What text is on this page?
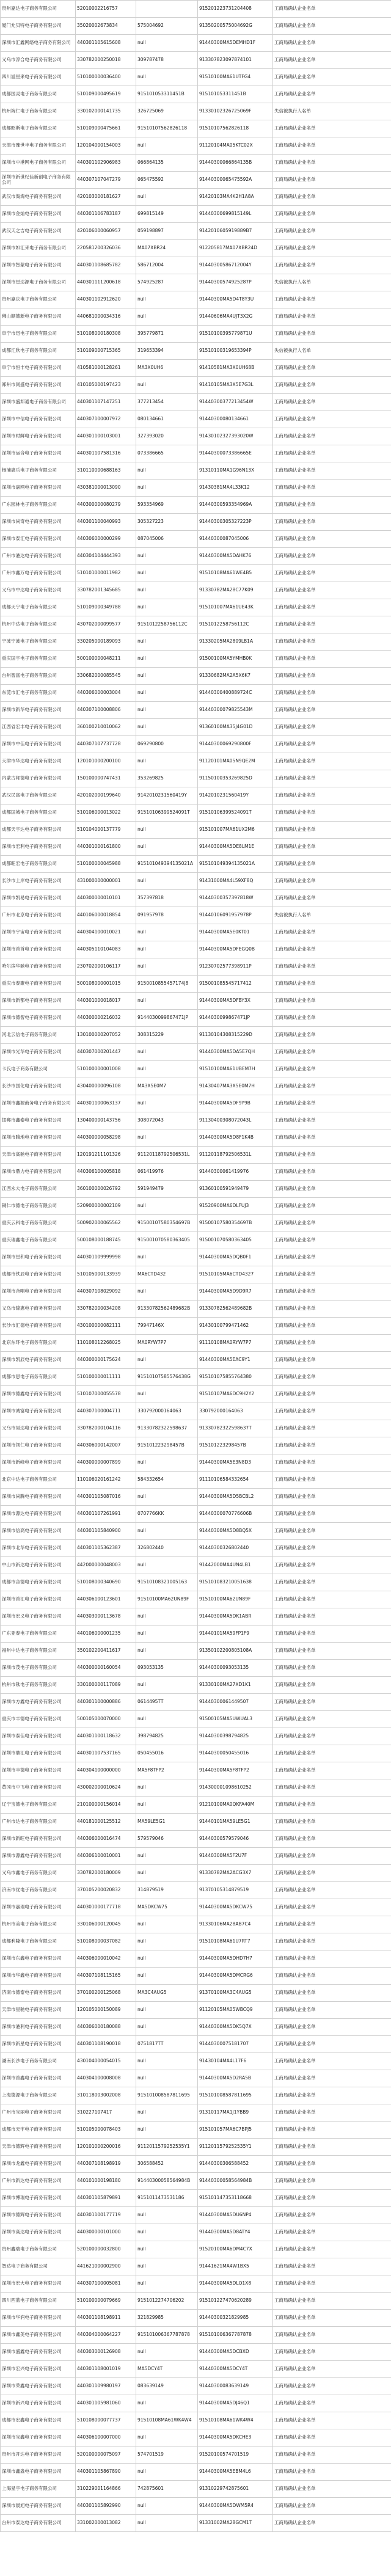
贵州嘉达电子商务有限公司	52010002216757		915201223731204408	工商局确认企业名单
厦门允贝特电子商务有限公司	35020002673834	575004692	91350200575004692G	工商局确认企业名单
深圳市汇鑫网络电子商务有限公司	440301105615608	null	91440300MA5DEMHD1F	工商局确认企业名单
义乌市淳合电子商务有限公司	330782000250018	309787478	913307823097874101	工商局确认企业名单
四川溢星来电子商务有限公司	510100000036400	null	91510100MA61UTFG4	工商局确认企业名单
成都国灵电子商务有限公司	510109000495619	915101053311451B	915101053311451B	工商局确认企业名单
杭州淘仁电子商务有限公司	330102000141735	326725069	91330102326725069F	失信被执行人名单
成都昭斯电子商务有限公司	510109000475661	91510107562826118	91510107562826118	工商局确认企业名单
天津市豫世丰电子商务有限公司	120104000154003	null	91120104MA05KTC02X	工商局确认企业名单
深圳市中港网电子商务有限公司	440301102906983	066864135	91440300066864135B	工商局确认企业名单
深圳市新世纪佳新创电子商务有限公司	440307107047279	065475592	91440300065475592A	工商局确认企业名单
武汉市淘淘电子商务有限公司	420103000181627	null	91420103MA4K2H1A8A	工商局确认企业名单
深圳市金灿电子商务有限公司	440301106783187	699815149	91440300699815149L	工商局确认企业名单
武汉天之吉电子商务有限公司	420106000060957	059198897	9142010605919889B7	工商局确认企业名单
深圳市如汇来电子商务有限公司	220581200326036	MA07XBR24	912205817MA07XBR24D	工商局确认企业名单
深圳市智蒙电子商务有限公司	440301108685782	586712004	91440300586712004Y	工商局确认企业名单
深圳市星达源电子商务有限公司	440301111200618	574925287	91440300574925287P	失信被执行人名单
贵州嘉庆电子商务有限公司	440301102912620	null	91440300MA5D4T8Y3U	工商局确认企业名单
佛山顺德新电子商务有限公司	440681000034316	null	91440606MA4UJT3X2G	工商局确认企业名单
阜宁市迅电子商务有限公司	510108000180308	395779871	91510100395779871U	工商局确认企业名单
成都汇欣电子商务有限公司	510109000715365	319653394	91510100319653394P	失信被执行人名单
阜宁市恒丰电子商务有限公司	410581000128261	MA3X0UH6	91410581MA3X0UH68B	工商局确认企业名单
郑州市同盛电子商务有限公司	410105000197423	null	91410105MA3X5E7G3L	工商局确认企业名单
深圳市盛邦通电子商务有限公司	440301107147251	377213454	91440300377213454W	工商局确认企业名单
深圳市中信电子商务有限公司	440307100007972	080134661	91440300080134661	工商局确认企业名单
深圳市时鲜电子商务有限公司	440301100103001	327393020	91430102327393020W	工商局确认企业名单
深圳市运合电子商务有限公司	440301107581316	073386665	91440300073386665E	工商局确认企业名单
杨浦惠乐电子商务有限公司	310110000688163	null	91310110MA1G96N13X	工商局确认企业名单
深圳市嘉网电子商务有限公司	430381000013090	null	91430381MA4L33K12	工商局确认企业名单
广东园林电子商务有限公司	440300000080279	593354969	91440300593354969A	工商局确认企业名单
深圳市尚奇电子商务有限公司	440301100040993	305327223	91440300305327223P	工商局确认企业名单
深圳市泰汇电子商务有限公司	440306000000299	087045006	91440300087045006	工商局确认企业名单
广州市港达电子商务有限公司	440304104444393	null	91440300MA5DAHK76	工商局确认企业名单
广州市鑫万电子商务有限公司	510101000011982	null	91510108MA61WE4B5	工商局确认企业名单
义乌市中达电子商务有限公司	330782001345685	null	91330782MA28C77K09	工商局确认企业名单
成都天宁电子商务有限公司	510109000349788	null	915101007MA61UE43K	工商局确认企业名单
杭州中达电子商务有限公司	430702000099577	9151012258756112C	9151012258756112C	工商局确认企业名单
宁波宁波电子商务有限公司	330205000189093	null	91330205MA2809LB1A	工商局确认企业名单
重庆国宇电子商务有限公司	500100000048211	null	91500100MA5YMHB0K	工商局确认企业名单
台州智富电子商务有限公司	330682000085545	null	91330682MA2A5X6K7	工商局确认企业名单
东莞市汇电子商务有限公司	440306000003004	null	91440300400889724C	工商局确认企业名单
深圳市新华电子商务有限公司	440307100008806	null	91440300079825543M	工商局确认企业名单
江西省宏丰电子商务有限公司	360100210010062	null	91360100MA35J4G01D	工商局确认企业名单
深圳市中佳电子商务有限公司	440307107737728	069290800	91440300069290800F	工商局确认企业名单
天津市华达电子商务有限公司	120101000200100	null	91120101MA05N9QE2M	工商局确认企业名单
内蒙古邦德电子商务有限公司	150100000747431	353269825	91150100353269825D	工商局确认企业名单
武汉民富电子商务有限公司	420102000199640	9142010231560419Y	9142010231560419Y	工商局确认企业名单
成都国城电子商务有限公司	510106000013022	91510106399524091T	91510106399524091T	工商局确认企业名单
成都天宇达电子商务有限公司	510104000137779	null	915101007MA61UX2M6	工商局确认企业名单
深圳市宏利电子商务有限公司	440301000161800	null	91440300MA5DE8LM1E	工商局确认企业名单
成都旺宏电子商务有限公司	510100000045988	915101049394135021A	915101049394135021A	工商局确认企业名单
长沙市上岸电子商务有限公司	431000000000001	null	91431000MA4L59XF8Q	工商局确认企业名单
深圳市凯易电子商务有限公司	440300000010101	357397818	91440300357397818W	工商局确认企业名单
广州市北京电子商务有限公司	440106000018854	091957978	91440106091957978P	失信被执行人名单
深圳市宇宙电子商务有限公司	440304100010021	null	91440300MA5E0KT01	工商局确认企业名单
深圳市首首电子商务有限公司	440305110104083	null	91440300MA5DFEGQ0B	工商局确认企业名单
哈尔滨华驰电子商务有限公司	230702000106117	null	91230702577398911P	工商局确认企业名单
重庆市泰聚电子商务有限公司	500108000001015	9150010855457174J8	915001085545717412	工商局确认企业名单
深圳市新都电子商务有限公司	440301000018017	null	91440300MA5DFBY3X	工商局确认企业名单
深圳市德智电子商务有限公司	440300000216032	9144030099867471JP	9144030099867471JP	工商局确认企业名单
河北云信电子商务有限公司	130100000207052	308315229	91130104308315229D	工商局确认企业名单
深圳市光华电子商务有限公司	440307000201447	null	91440300MA5DA5E7QH	工商局确认企业名单
卡氏电子商务有限公司	510100000001008	null	91510100MA61UBEM7H	工商局确认企业名单
长沙市国化电子商务有限公司	430400000096108	MA3X5E0M7	91430407MA3X5E0M7H	工商局确认企业名单
深圳市鑫源商务电子商务有限公司	440301100063137	null	91440300MA5DF9Y9B	工商局确认企业名单
邯郸市鑫泰电子商务有限公司	130400000143756	308072043	91130400308072043L	工商局确认企业名单
深圳市腾地电子商务有限公司	440300000058298	null	91440300MA5D8F1K4B	工商局确认企业名单
天津市高驰电子商务有限公司	120191211101326	91120118792506531L	91120118792506531L	工商局确认企业名单
深圳市鼎力电子商务有限公司	440306100005818	061419976	91440300061419976	工商局确认企业名单
江西永大电子商务有限公司	360100000026792	591949479	91360100591949479	工商局确认企业名单
铜仁市德电子商务有限公司	520900000002109	null	91520900MA6DLFUJ3	工商局确认企业名单
重庆云科电子商务有限公司	500902000065562	91500107580354697B	91500107580354697B	工商局确认企业名单
重庆瑞鑫电子商务有限公司	500108000188745	915001070580363405	915001070580363405	工商局确认企业名单
深圳市星和电子商务有限公司	440301109999998	null	91440300MA5DQB0F1	工商局确认企业名单
成都市铁辰电子商务有限公司	510105000133939	MA6CTD432	91510105MA6CTD4327	工商局确认企业名单
深圳市合唱电子商务有限公司	440307108029092	null	91440300MA5D9D9R7	工商局确认企业名单
义乌市锦惠电子商务有限公司	330782000034208	91330782562489682B	91330782562489682B	工商局确认企业名单
长沙市汇德电子商务有限公司	430100000082111	79947146X	91430100799471462	工商局确认企业名单
北京东环电子商务有限公司	110108012268025	MA0RYW7P7	91110108MA0RYW7P7	工商局确认企业名单
深圳市凯辰电子商务有限公司	440300000175624	null	91440300MA5EAC9Y1	工商局确认企业名单
成都市思电子商务有限公司	510100000011111	91510107585576438G	915101075855764380	工商局确认企业名单
深圳市德鑫电子商务有限公司	510107000055578	null	91510107MA6DC9H2Y2	工商局确认企业名单
深圳市诚富电子商务有限公司	440307100004711	330792000164063	330792000164063	工商局确认企业名单
义乌市昊达电子商务有限公司	330782000104116	91330782322598637	91330782322598637T	工商局确认企业名单
深圳市领仁电子商务有限公司	440306000142007	915101223298457B	915101223298457B	工商局确认企业名单
深圳市新峰电子商务有限公司	440300000007899	null	91440300MA5E3N8D3	工商局确认企业名单
北京中达电子商务有限公司	110106020161242	584332654	91110106584332654	工商局确认企业名单
深圳市尚腾电子商务有限公司	440301105087016	null	91440300MA5D5BCBL2	工商局确认企业名单
深圳市源达电子商务有限公司	440301107261991	0707766KK	91440300070776606B	工商局确认企业名单
深圳市信高电子商务有限公司	440301105840900	null	91440300MA5D8BQ5X	工商局确认企业名单
深圳市北华电子商务有限公司	440301105362387	326802440	91440300326802440	工商局确认企业名单
中山市新达电子商务有限公司	442000000048003	null	91442000MA4UN4LB1	工商局确认企业名单
成都市合德电子商务有限公司	510108000340690	91510108321005163	915101083210051638	工商局确认企业名单
深圳市首汇电子商务有限公司	440306100123601	91510100MA62UN89F	91510100MA62UN89F	工商局确认企业名单
深圳市宏义电子商务有限公司	440303000113678	null	91440300MA5DK1ABR	工商局确认企业名单
广东亚泰电子商务有限公司	440106000001235	null	91440101MA59FP1F9	工商局确认企业名单
福州中达电子商务有限公司	350102200411617	null	91350102200805108A	工商局确认企业名单
深圳市茂电子商务有限公司	440300000160054	093053135	91440300093053135	工商局确认企业名单
杭州市钛电子商务有限公司	330100000117089	null	91330100MA27XD1K1	工商局确认企业名单
深圳市方鑫电子商务有限公司	440301100000886	0614495TT	91440300061449507	工商局确认企业名单
重庆市丰德电子商务有限公司	500105000070000	null	91500105MA5UWUAL3	工商局确认企业名单
深圳市泰佳电子商务有限公司	440301100118632	398794825	91440300398794825	工商局确认企业名单
深圳市鼎汇电子商务有限公司	440301107537165	050455016	91440300050455016	工商局确认企业名单
深圳市丰德电子商务有限公司	440304100000000	MA5F8TFP2	91440300MA5F8TFP2	工商局确认企业名单
黄冈市中飞电子商务有限公司	430002000010624	null	914300001098610252	工商局确认企业名单
辽宁宝德电子商务有限公司	210100000156014	null	91210100MA0QKFA40M	工商局确认企业名单
广州市达电子商务有限公司	440181000125512	MA59LE5G1	91440101MA59LE5G1	工商局确认企业名单
深圳市新旺电子商务有限公司	440306000016474	579579046	91440300579579046	工商局确认企业名单
深圳市源鑫电子商务有限公司	440306100010001	null	91440300MA5F2U7F	工商局确认企业名单
义乌市鑫电子商务有限公司	330782000180009	null	91330782MA2ACG3X7	工商局确认企业名单
济南市优电子商务有限公司	370105200020832	314879519	91370105314879519	工商局确认企业名单
深圳市嘉瑞电子商务有限公司	440301000177718	MA5DKCW75	91440300MA5DKCW75	工商局确认企业名单
杭州市美电子商务有限公司	330106000120045	null	91330106MA28AB7C4	工商局确认企业名单
成都利隆电子商务有限公司	510108000037082	null	91510108MA61U7RT7	工商局确认企业名单
深圳市东鑫电子商务有限公司	440306000010042	null	91440300MA5DHD7H7	工商局确认企业名单
深圳市华鑫电子商务有限公司	440307108115165	null	91440300MA5DMCRG6	工商局确认企业名单
济南市德泰电子商务有限公司	370100200125068	MA3C4AUG5	91370100MA3C4AUG5	工商局确认企业名单
天津市星驰电子商务有限公司	120105000150089	null	91120105MA05WBCQ9	工商局确认企业名单
深圳市港利电子商务有限公司	440306000180088	null	91440300MA5DK5Q7X	工商局确认企业名单
深圳市新星电子商务有限公司	440301108190018	0751817TT	91440300075181707	工商局确认企业名单
湖南长沙电子商务有限公司	430104000054015	null	91430104MA4L17F6	工商局确认企业名单
深圳市首鑫电子商务有限公司	440304100008008	null	91440300MA5D2RA5B	工商局确认企业名单
上海德源电子商务有限公司	310118003002008	915101008587811695	915101008587811695	工商局确认企业名单
广州市宝丽电子商务有限公司	310227107417	null	91310117MA1J1YBB9	工商局确认企业名单
成都市天宇电子商务有限公司	510105000078403	null	915101057MA6C7BPJ5	工商局确认企业名单
天津市德辉电子商务有限公司	120101000200016	9112011579252535Y1	9112011579252535Y1	工商局确认企业名单
深圳市龙鑫电子商务有限公司	440307108198919	306588452	91440300306588452	工商局确认企业名单
广州市新达电子商务有限公司	440101000198180	91440300058564984B	91440300058564984B	工商局确认企业名单
深圳市博瑞电子商务有限公司	440301105879891	9151011473531186	915101147353118668	工商局确认企业名单
深圳市德辉电子商务有限公司	440301100177719	null	91440300MA5DU6NP4	工商局确认企业名单
深圳市高达电子商务有限公司	440300000101000	null	91440300MA5D8ATY4	工商局确认企业名单
贵州鑫瑞电子商务有限公司	520100000032800	null	91520100MA6DM4C7X	工商局确认企业名单
智达电子商务有限公司	441621000002900	null	91441621MA4W1BX5	工商局确认企业名单
深圳市宏大电子商务有限公司	440307100005081	null	91440300MA5DLQ1X8	工商局确认企业名单
四川西蓝电子商务有限公司	510100000079669	9151012274706202	915101227470620289	工商局确认企业名单
深圳市华润电子商务有限公司	440301108198911	321829985	91440300321829985	工商局确认企业名单
深圳市鑫美电子商务有限公司	440304000064227	915101006367787878	915101006367787878	工商局确认企业名单
深圳市盛鑫电子商务有限公司	440303000126908	null	91440300MA5DCBXD	工商局确认企业名单
深圳市宏兴电子商务有限公司	440301108001019	MA5DCY4T	91440300MA5DCY4T	工商局确认企业名单
深圳市荣鑫电子商务有限公司	440301109980197	083639149	91440300083639149	工商局确认企业名单
深圳市新兴电子商务有限公司	440301105981060	null	91440300MA5DJ46Q1	工商局确认企业名单
成都市宏鑫电子商务有限公司	510108000077737	91510108MA61WK4W4	91510108MA61WK4W4	工商局确认企业名单
深圳市宝鑫电子商务有限公司	440306100007000	null	91440300MA5DKCHE3	工商局确认企业名单
贵州市开达电子商务有限公司	520100000075097	574701519	91520100574701519	工商局确认企业名单
深圳市鑫淼电子商务有限公司	440301105867890	null	91440300MA5EBM4L6	工商局确认企业名单
上海星宇电子商务有限公司	310229001164866	742875601	91310229742875601	工商局确认企业名单
深圳市晨旭电子商务有限公司	440301105892990	null	91440300MA5DWM5R4	工商局确认企业名单
台州市泰达电子商务有限公司	331002000013082	null	91331002MA28GCM1T	工商局确认企业名单
